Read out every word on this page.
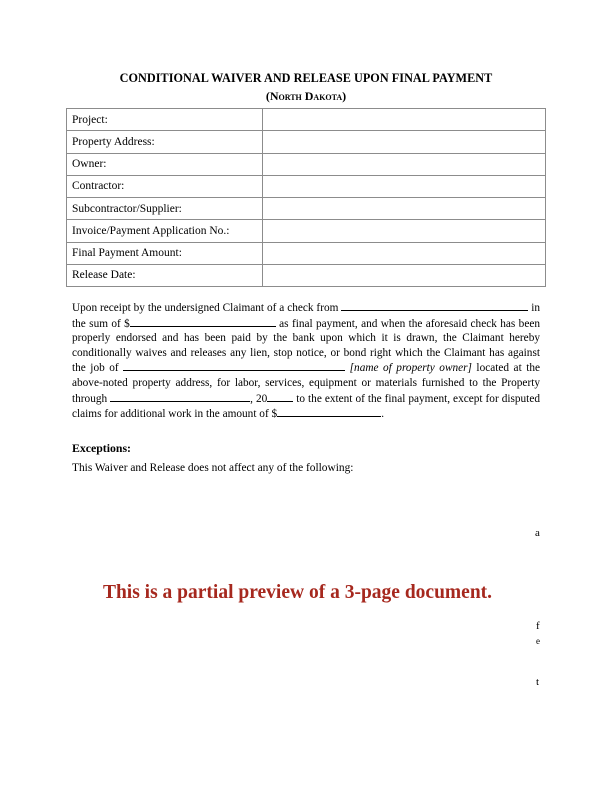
CONDITIONAL WAIVER AND RELEASE UPON FINAL PAYMENT
(North Dakota)
Project:	
Property Address:	
Owner:	
Contractor:	
Subcontractor/Supplier:	
Invoice/Payment Application No.:	
Final Payment Amount:	
Release Date:	

Upon receipt by the undersigned Claimant of a check from	in the sum of $	as final payment, and when the aforesaid check has been properly endorsed and has been paid by the bank upon which it is drawn, the Claimant hereby conditionally waives and releases any lien, stop notice, or bond right which the Claimant has against the job of	[name of property owner] located at the above-noted property address, for labor, services, equipment or materials furnished to the Property through	, 20 to the extent of the final payment, except for disputed claims for additional work in the amount of $	.

Exceptions:
This Waiver and Release does not affect any of the following:
This is a partial preview of a 3-page document.
a
f
e
t
